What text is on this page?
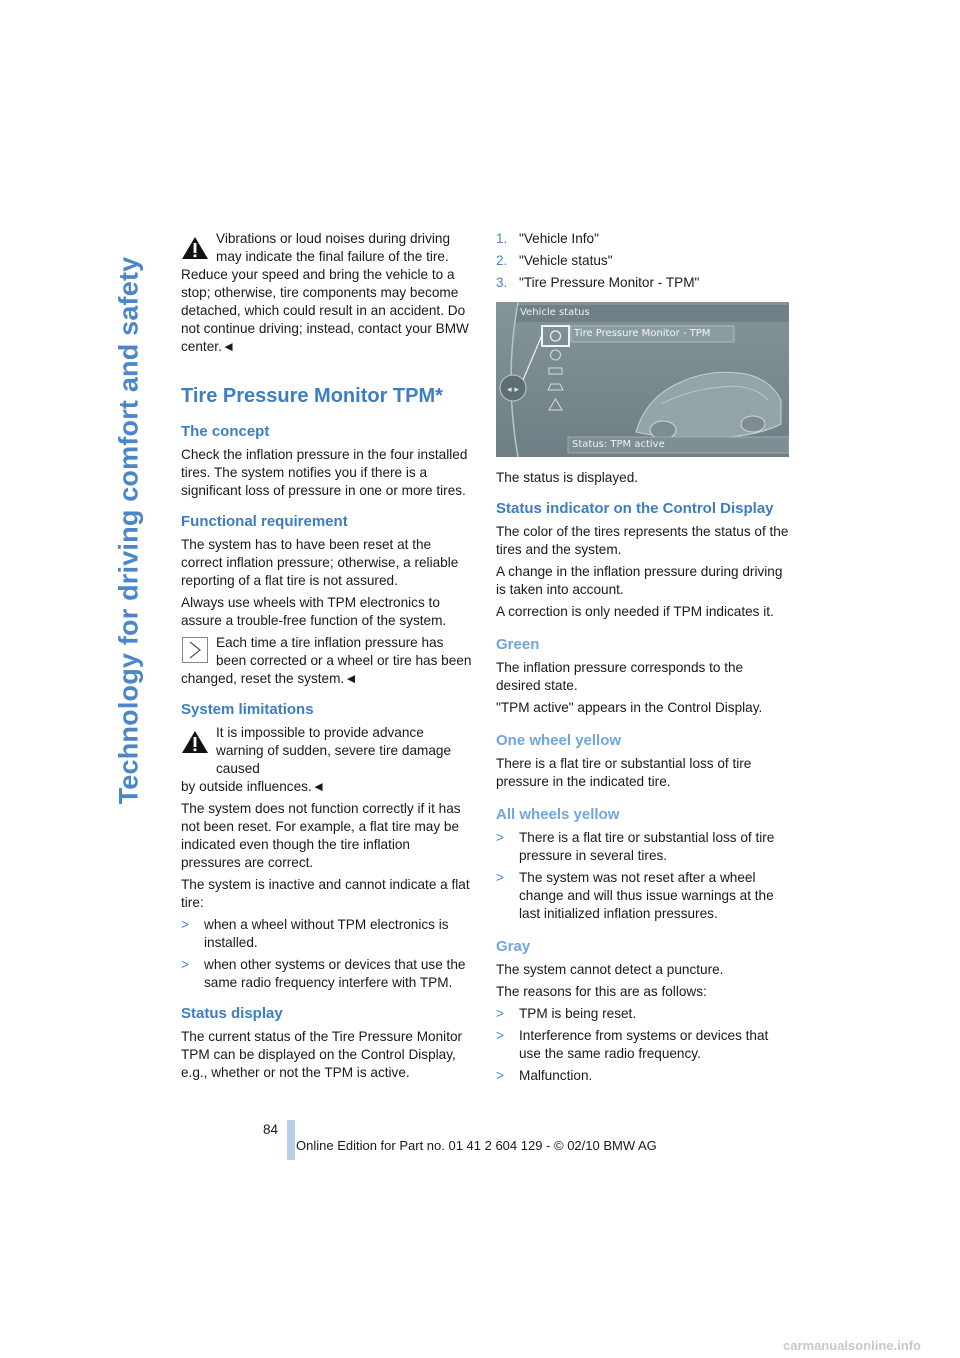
Technology for driving comfort and safety
Vibrations or loud noises during driving may indicate the final failure of the tire.
Reduce your speed and bring the vehicle to a stop; otherwise, tire components may become detached, which could result in an accident. Do not continue driving; instead, contact your BMW center.◄
Tire Pressure Monitor TPM*
The concept

Check the inflation pressure in the four installed tires. The system notifies you if there is a significant loss of pressure in one or more tires.

Functional requirement

The system has to have been reset at the correct inflation pressure; otherwise, a reliable reporting of a flat tire is not assured.

Always use wheels with TPM electronics to assure a trouble-free function of the system.

Each time a tire inflation pressure has been corrected or a wheel or tire has been
changed, reset the system.◄
System limitations
It is impossible to provide advance warning of sudden, severe tire damage caused
by outside influences.◄

The system does not function correctly if it has not been reset. For example, a flat tire may be indicated even though the tire inflation pressures are correct.

The system is inactive and cannot indicate a flat tire:

>	when a wheel without TPM electronics is installed.
>	when other systems or devices that use the same radio frequency interfere with TPM.
Status display

The current status of the Tire Pressure Monitor TPM can be displayed on the Control Display, e.g., whether or not the TPM is active.

1. "Vehicle Info"
2. "Vehicle status"
3. "Tire Pressure Monitor - TPM"
◂ ▸
Vehicle status
Tire Pressure Monitor - TPM
Status: TPM active

The status is displayed.

Status indicator on the Control Display

The color of the tires represents the status of the tires and the system.

A change in the inflation pressure during driving is taken into account.

A correction is only needed if TPM indicates it.

Green

The inflation pressure corresponds to the desired state.

"TPM active" appears in the Control Display.

One wheel yellow

There is a flat tire or substantial loss of tire pressure in the indicated tire.

All wheels yellow
>	There is a flat tire or substantial loss of tire pressure in several tires.
>	The system was not reset after a wheel change and will thus issue warnings at the last initialized inflation pressures.
Gray

The system cannot detect a puncture.

The reasons for this are as follows:

>	TPM is being reset.
>	Interference from systems or devices that use the same radio frequency.
>	Malfunction.
84
Online Edition for Part no. 01 41 2 604 129 - © 02/10 BMW AG
carmanualsonline.info
